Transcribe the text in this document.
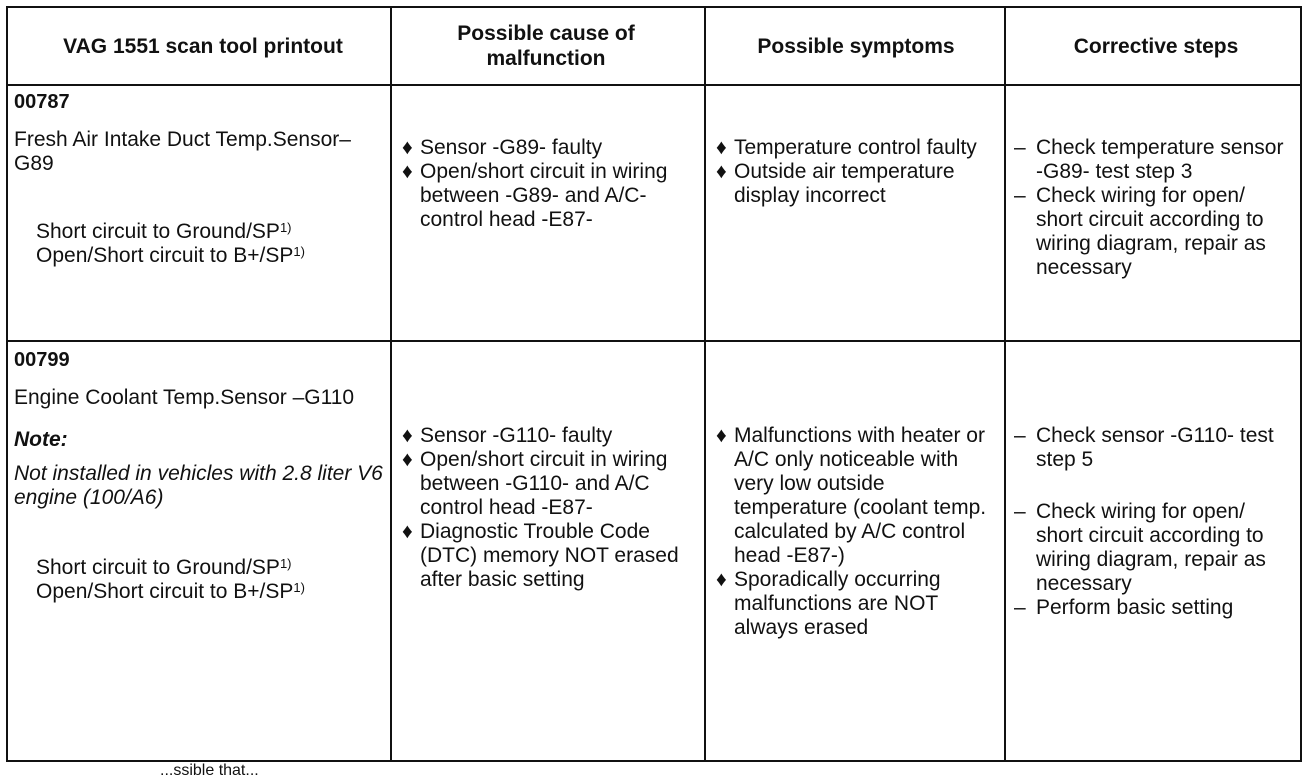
VAG 1551 scan tool printout
Possible cause of malfunction
Possible symptoms	Corrective steps
00787
Fresh Air Intake Duct Temp.Sensor–G89
Short circuit to Ground/SP$^{1)}$
Open/Short circuit to $B+/SP^{1)}$
♦ Sensor -G89- faulty
♦ Open/short circuit in wiring between -G89- and A/C-control head -E87-
♦ Temperature control faulty
♦ Outside air temperature display incorrect
– Check temperature sensor -G89- test step 3
– Check wiring for open/ short circuit according to wiring diagram, repair as necessary
00799
Engine Coolant Temp.Sensor –G110
Note:
Not installed in vehicles with 2.8 liter V6 engine (100/A6)
Short circuit to Ground/SP$^{1)}$
Open/Short circuit to $B+/SP^{1)}$
♦ Sensor -G110- faulty
♦ Open/short circuit in wiring between -G110- and A/C control head -E87-
♦ Diagnostic Trouble Code (DTC) memory NOT erased after basic setting
♦ Malfunctions with heater or A/C only noticeable with very low outside temperature (coolant temp. calculated by A/C control head -E87-)
♦ Sporadically occurring malfunctions are NOT always erased
– Check sensor -G110- test step 5
– Check wiring for open/ short circuit according to wiring diagram, repair as necessary
– Perform basic setting
...ssible that...
